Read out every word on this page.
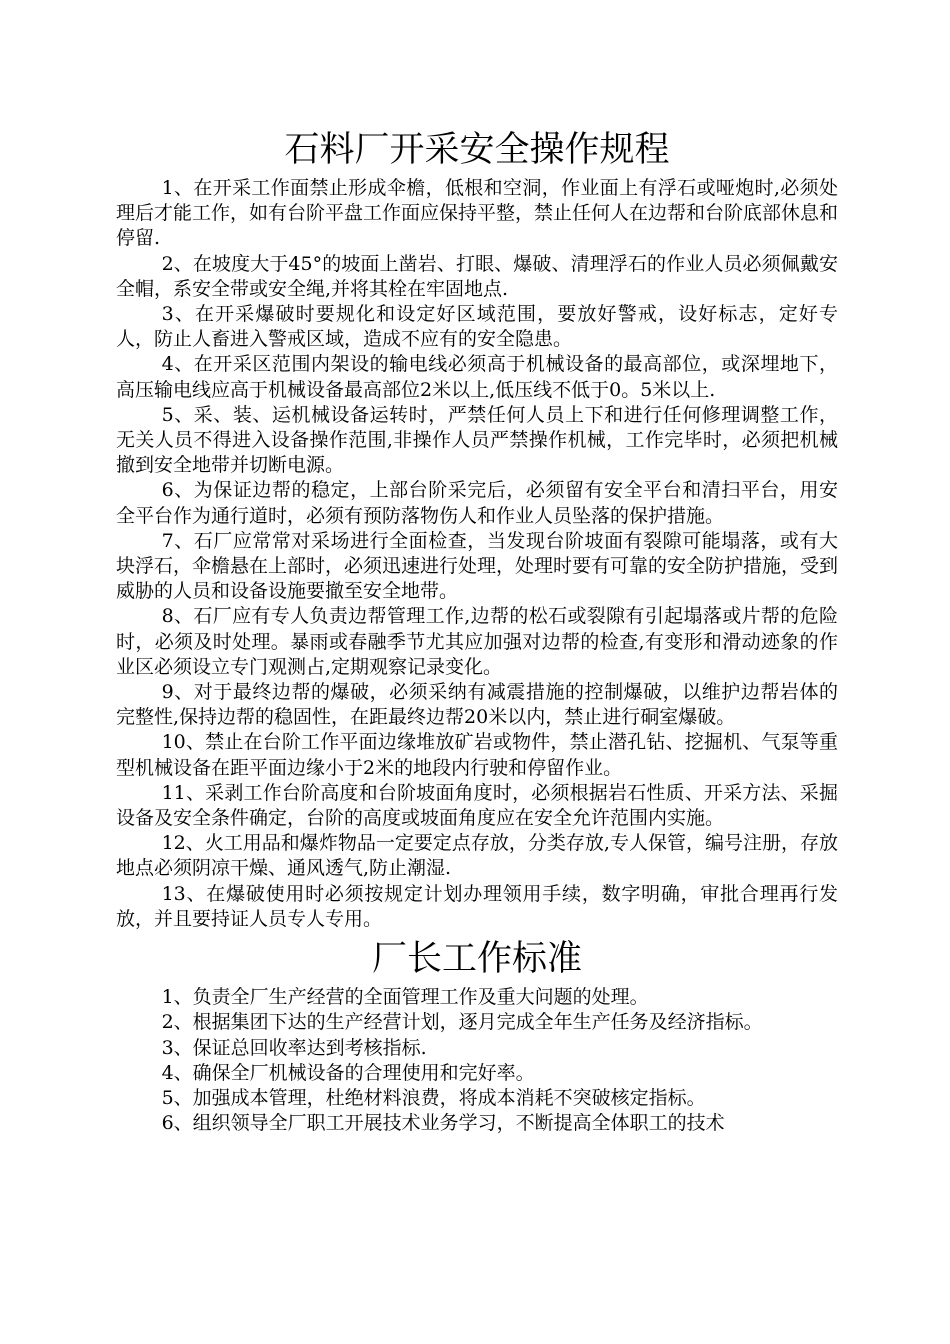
石料厂开采安全操作规程

1、在开采工作面禁止形成伞檐，低根和空洞，作业面上有浮石或哑炮时,必须处理后才能工作，如有台阶平盘工作面应保持平整，禁止任何人在边帮和台阶底部休息和停留.

2、在坡度大于45°的坡面上凿岩、打眼、爆破、清理浮石的作业人员必须佩戴安全帽，系安全带或安全绳,并将其栓在牢固地点.

3、在开采爆破时要规化和设定好区域范围，要放好警戒，设好标志，定好专人，防止人畜进入警戒区域，造成不应有的安全隐患。

4、在开采区范围内架设的输电线必须高于机械设备的最高部位，或深埋地下，高压输电线应高于机械设备最高部位2米以上,低压线不低于0。5米以上.

5、采、装、运机械设备运转时，严禁任何人员上下和进行任何修理调整工作，无关人员不得进入设备操作范围,非操作人员严禁操作机械，工作完毕时，必须把机械撤到安全地带并切断电源。

6、为保证边帮的稳定，上部台阶采完后，必须留有安全平台和清扫平台，用安全平台作为通行道时，必须有预防落物伤人和作业人员坠落的保护措施。

7、石厂应常常对采场进行全面检查，当发现台阶坡面有裂隙可能塌落，或有大块浮石，伞檐悬在上部时，必须迅速进行处理，处理时要有可靠的安全防护措施，受到威胁的人员和设备设施要撤至安全地带。

8、石厂应有专人负责边帮管理工作,边帮的松石或裂隙有引起塌落或片帮的危险时，必须及时处理。暴雨或春融季节尤其应加强对边帮的检查,有变形和滑动迹象的作业区必须设立专门观测占,定期观察记录变化。

9、对于最终边帮的爆破，必须采纳有减震措施的控制爆破，以维护边帮岩体的完整性,保持边帮的稳固性，在距最终边帮20米以内，禁止进行硐室爆破。

10、禁止在台阶工作平面边缘堆放矿岩或物件，禁止潜孔钻、挖掘机、气泵等重型机械设备在距平面边缘小于2米的地段内行驶和停留作业。

11、采剥工作台阶高度和台阶坡面角度时，必须根据岩石性质、开采方法、采掘设备及安全条件确定，台阶的高度或坡面角度应在安全允许范围内实施。

12、火工用品和爆炸物品一定要定点存放，分类存放,专人保管，编号注册，存放地点必须阴凉干燥、通风透气,防止潮湿.

13、在爆破使用时必须按规定计划办理领用手续，数字明确，审批合理再行发放，并且要持证人员专人专用。

厂长工作标准

1、负责全厂生产经营的全面管理工作及重大问题的处理。

2、根据集团下达的生产经营计划，逐月完成全年生产任务及经济指标。

3、保证总回收率达到考核指标.

4、确保全厂机械设备的合理使用和完好率。

5、加强成本管理，杜绝材料浪费，将成本消耗不突破核定指标。

6、组织领导全厂职工开展技术业务学习，不断提高全体职工的技术
